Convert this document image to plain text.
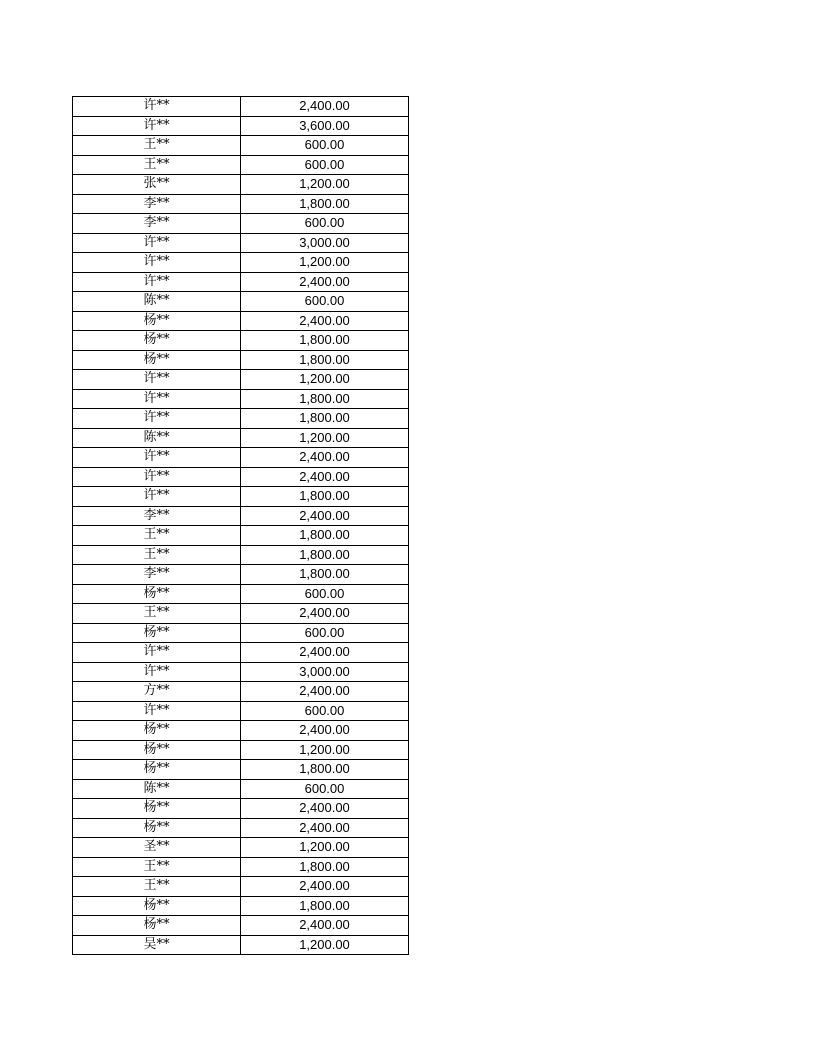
许**	2,400.00
许**	3,600.00
王**	600.00
王**	600.00
张**	1,200.00
李**	1,800.00
李**	600.00
许**	3,000.00
许**	1,200.00
许**	2,400.00
陈**	600.00
杨**	2,400.00
杨**	1,800.00
杨**	1,800.00
许**	1,200.00
许**	1,800.00
许**	1,800.00
陈**	1,200.00
许**	2,400.00
许**	2,400.00
许**	1,800.00
李**	2,400.00
王**	1,800.00
王**	1,800.00
李**	1,800.00
杨**	600.00
王**	2,400.00
杨**	600.00
许**	2,400.00
许**	3,000.00
方**	2,400.00
许**	600.00
杨**	2,400.00
杨**	1,200.00
杨**	1,800.00
陈**	600.00
杨**	2,400.00
杨**	2,400.00
圣**	1,200.00
王**	1,800.00
王**	2,400.00
杨**	1,800.00
杨**	2,400.00
吴**	1,200.00
